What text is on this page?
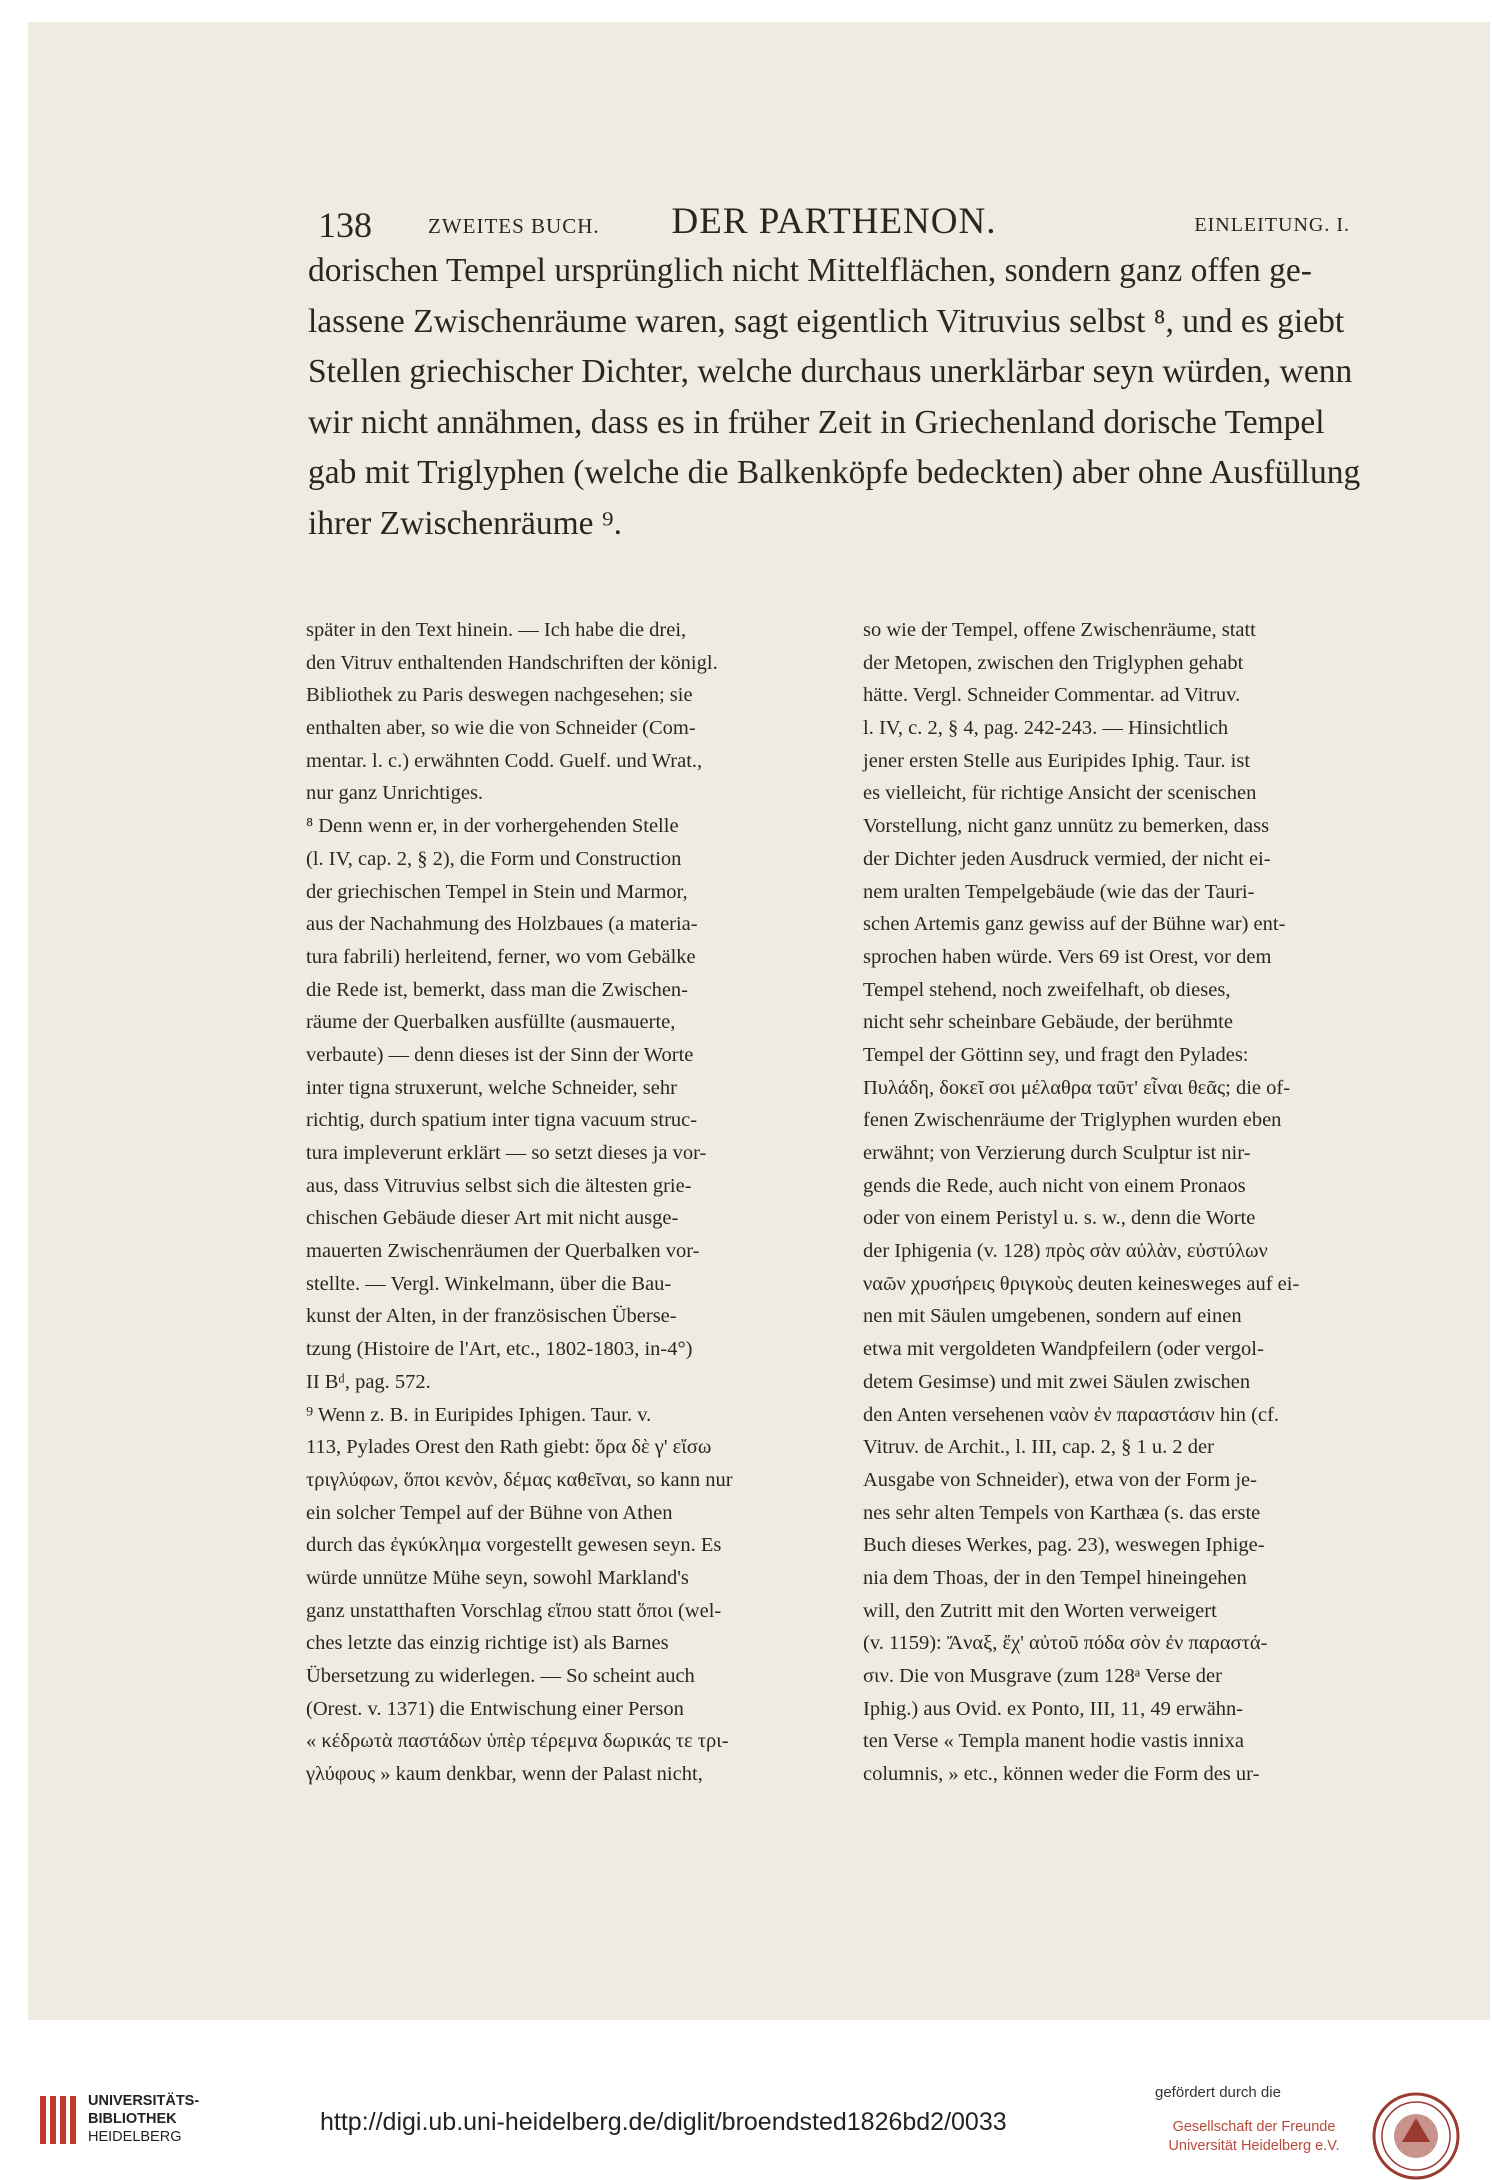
138	ZWEITES BUCH.	DER PARTHENON.	EINLEITUNG. I.
dorischen Tempel ursprünglich nicht Mittelflächen, sondern ganz offen ge-
lassene Zwischenräume waren, sagt eigentlich Vitruvius selbst ⁸, und es giebt
Stellen griechischer Dichter, welche durchaus unerklärbar seyn würden, wenn
wir nicht annähmen, dass es in früher Zeit in Griechenland dorische Tempel
gab mit Triglyphen (welche die Balkenköpfe bedeckten) aber ohne Ausfüllung
ihrer Zwischenräume ⁹.
später in den Text hinein. — Ich habe die drei,
den Vitruv enthaltenden Handschriften der königl.
Bibliothek zu Paris deswegen nachgesehen; sie
enthalten aber, so wie die von Schneider (Com-
mentar. l. c.) erwähnten Codd. Guelf. und Wrat.,
nur ganz Unrichtiges.
⁸ Denn wenn er, in der vorhergehenden Stelle
(l. IV, cap. 2, § 2), die Form und Construction
der griechischen Tempel in Stein und Marmor,
aus der Nachahmung des Holzbaues (a materia-
tura fabrili) herleitend, ferner, wo vom Gebälke
die Rede ist, bemerkt, dass man die Zwischen-
räume der Querbalken ausfüllte (ausmauerte,
verbaute) — denn dieses ist der Sinn der Worte
inter tigna struxerunt, welche Schneider, sehr
richtig, durch spatium inter tigna vacuum struc-
tura impleverunt erklärt — so setzt dieses ja vor-
aus, dass Vitruvius selbst sich die ältesten grie-
chischen Gebäude dieser Art mit nicht ausge-
mauerten Zwischenräumen der Querbalken vor-
stellte. — Vergl. Winkelmann, über die Bau-
kunst der Alten, in der französischen Überse-
tzung (Histoire de l'Art, etc., 1802-1803, in-4°)
II Bᵈ, pag. 572.
⁹ Wenn z. B. in Euripides Iphigen. Taur. v.
113, Pylades Orest den Rath giebt: ὅρα δὲ γ' εἴσω
τριγλύφων, ὅποι κενὸν, δέμας καθεῖναι, so kann nur
ein solcher Tempel auf der Bühne von Athen
durch das ἐγκύκλημα vorgestellt gewesen seyn. Es
würde unnütze Mühe seyn, sowohl Markland's
ganz unstatthaften Vorschlag εἴπου statt ὅποι (wel-
ches letzte das einzig richtige ist) als Barnes
Übersetzung zu widerlegen. — So scheint auch
(Orest. v. 1371) die Entwischung einer Person
« κέδρωτὰ παστάδων ὑπὲρ τέρεμνα δωρικάς τε τρι-
γλύφους » kaum denkbar, wenn der Palast nicht,
so wie der Tempel, offene Zwischenräume, statt
der Metopen, zwischen den Triglyphen gehabt
hätte. Vergl. Schneider Commentar. ad Vitruv.
l. IV, c. 2, § 4, pag. 242-243. — Hinsichtlich
jener ersten Stelle aus Euripides Iphig. Taur. ist
es vielleicht, für richtige Ansicht der scenischen
Vorstellung, nicht ganz unnütz zu bemerken, dass
der Dichter jeden Ausdruck vermied, der nicht ei-
nem uralten Tempelgebäude (wie das der Tauri-
schen Artemis ganz gewiss auf der Bühne war) ent-
sprochen haben würde. Vers 69 ist Orest, vor dem
Tempel stehend, noch zweifelhaft, ob dieses,
nicht sehr scheinbare Gebäude, der berühmte
Tempel der Göttinn sey, und fragt den Pylades:
Πυλάδη, δοκεῖ σοι μέλαθρα ταῦτ' εἶναι θεᾶς; die of-
fenen Zwischenräume der Triglyphen wurden eben
erwähnt; von Verzierung durch Sculptur ist nir-
gends die Rede, auch nicht von einem Pronaos
oder von einem Peristyl u. s. w., denn die Worte
der Iphigenia (v. 128) πρὸς σὰν αὐλὰν, εὐστύλων
ναῶν χρυσήρεις θριγκοὺς deuten keinesweges auf ei-
nen mit Säulen umgebenen, sondern auf einen
etwa mit vergoldeten Wandpfeilern (oder vergol-
detem Gesimse) und mit zwei Säulen zwischen
den Anten versehenen ναὸν ἐν παραστάσιν hin (cf.
Vitruv. de Archit., l. III, cap. 2, § 1 u. 2 der
Ausgabe von Schneider), etwa von der Form je-
nes sehr alten Tempels von Karthæa (s. das erste
Buch dieses Werkes, pag. 23), weswegen Iphige-
nia dem Thoas, der in den Tempel hineingehen
will, den Zutritt mit den Worten verweigert
(v. 1159): Ἄναξ, ἔχ' αὐτοῦ πόδα σὸν ἐν παραστά-
σιν. Die von Musgrave (zum 128ᵃ Verse der
Iphig.) aus Ovid. ex Ponto, III, 11, 49 erwähn-
ten Verse « Templa manent hodie vastis innixa
columnis, » etc., können weder die Form des ur-
UNIVERSITÄTS-
BIBLIOTHEK
HEIDELBERG
http://digi.ub.uni-heidelberg.de/diglit/broendsted1826bd2/0033
gefördert durch die
Gesellschaft der Freunde
Universität Heidelberg e.V.
